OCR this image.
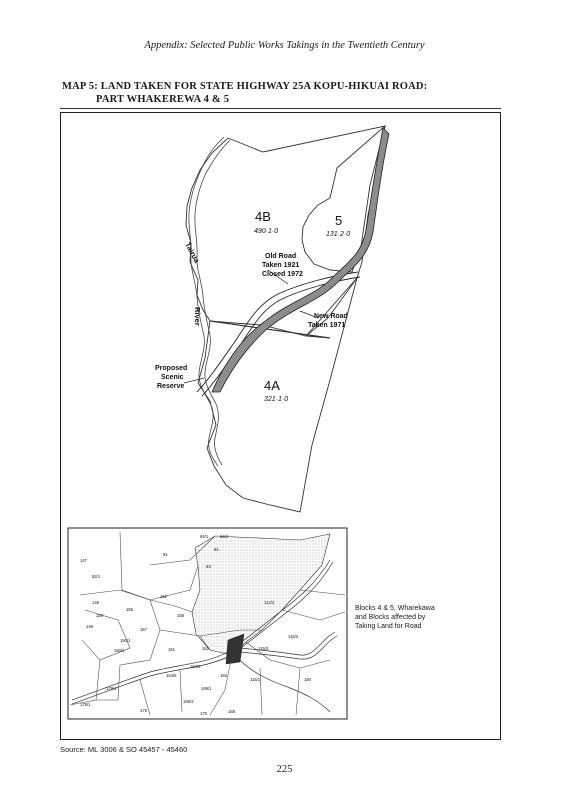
Appendix: Selected Public Works Takings in the Twentieth Century
MAP 5: LAND TAKEN FOR STATE HIGHWAY 25A KOPU-HIKUAI ROAD:
PART WHAKEREWA 4 & 5
4B
490·1·0
5
131·2·0
4A
321·1·0
Old Road
Taken 1921
Closed 1972
New Road
Taken 1971
Proposed
Scenic
Reserve
Tairua
River
91
92
93
152
158
151	162
114/2
115/2
115/3
115/1
163
164/6
164/5
169/1
169/2
170	168
155
156
157
150/1
150/2
149
148
147
178/1
179/1
175
150
94/2
94/1
92/1
Blocks 4 & 5, Wharekawa
and Blocks affected by
Taking Land for Road
Source: ML 3006 & SO 45457 - 45460
225
